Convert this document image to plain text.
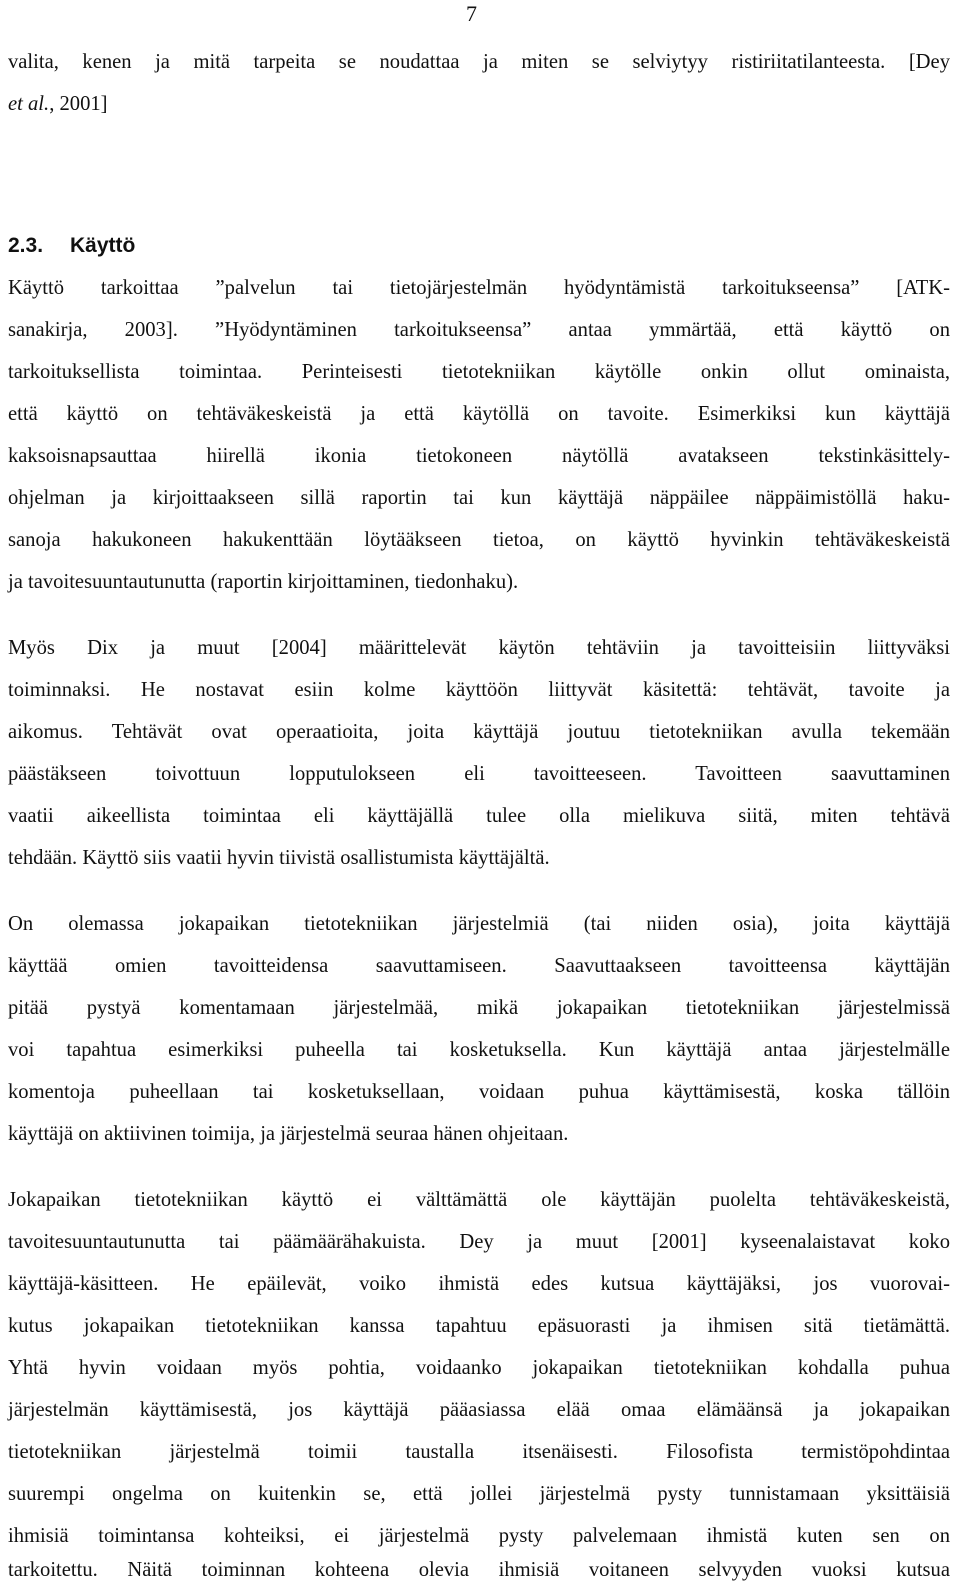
7
valita, kenen ja mitä tarpeita se noudattaa ja miten se selviytyy ristiriitatilanteesta. [Dey
et al., 2001]
2.3. Käyttö
Käyttö tarkoittaa ”palvelun tai tietojärjestelmän hyödyntämistä tarkoitukseensa” [ATK-
sanakirja, 2003]. ”Hyödyntäminen tarkoitukseensa” antaa ymmärtää, että käyttö on
tarkoituksellista toimintaa. Perinteisesti tietotekniikan käytölle onkin ollut ominaista,
että käyttö on tehtäväkeskeistä ja että käytöllä on tavoite. Esimerkiksi kun käyttäjä
kaksoisnapsauttaa hiirellä ikonia tietokoneen näytöllä avatakseen tekstinkäsittely-
ohjelman ja kirjoittaakseen sillä raportin tai kun käyttäjä näppäilee näppäimistöllä haku-
sanoja hakukoneen hakukenttään löytääkseen tietoa, on käyttö hyvinkin tehtäväkeskeistä
ja tavoitesuuntautunutta (raportin kirjoittaminen, tiedonhaku).
Myös Dix ja muut [2004] määrittelevät käytön tehtäviin ja tavoitteisiin liittyväksi
toiminnaksi. He nostavat esiin kolme käyttöön liittyvät käsitettä: tehtävät, tavoite ja
aikomus. Tehtävät ovat operaatioita, joita käyttäjä joutuu tietotekniikan avulla tekemään
päästäkseen toivottuun lopputulokseen eli tavoitteeseen. Tavoitteen saavuttaminen
vaatii aikeellista toimintaa eli käyttäjällä tulee olla mielikuva siitä, miten tehtävä
tehdään. Käyttö siis vaatii hyvin tiivistä osallistumista käyttäjältä.
On olemassa jokapaikan tietotekniikan järjestelmiä (tai niiden osia), joita käyttäjä
käyttää omien tavoitteidensa saavuttamiseen. Saavuttaakseen tavoitteensa käyttäjän
pitää pystyä komentamaan järjestelmää, mikä jokapaikan tietotekniikan järjestelmissä
voi tapahtua esimerkiksi puheella tai kosketuksella. Kun käyttäjä antaa järjestelmälle
komentoja puheellaan tai kosketuksellaan, voidaan puhua käyttämisestä, koska tällöin
käyttäjä on aktiivinen toimija, ja järjestelmä seuraa hänen ohjeitaan.
Jokapaikan tietotekniikan käyttö ei välttämättä ole käyttäjän puolelta tehtäväkeskeistä,
tavoitesuuntautunutta tai päämäärähakuista. Dey ja muut [2001] kyseenalaistavat koko
käyttäjä-käsitteen. He epäilevät, voiko ihmistä edes kutsua käyttäjäksi, jos vuorovai-
kutus jokapaikan tietotekniikan kanssa tapahtuu epäsuorasti ja ihmisen sitä tietämättä.
Yhtä hyvin voidaan myös pohtia, voidaanko jokapaikan tietotekniikan kohdalla puhua
järjestelmän käyttämisestä, jos käyttäjä pääasiassa elää omaa elämäänsä ja jokapaikan
tietotekniikan järjestelmä toimii taustalla itsenäisesti. Filosofista termistöpohdintaa
suurempi ongelma on kuitenkin se, että jollei järjestelmä pysty tunnistamaan yksittäisiä
ihmisiä toimintansa kohteiksi, ei järjestelmä pysty palvelemaan ihmistä kuten sen on
tarkoitettu. Näitä toiminnan kohteena olevia ihmisiä voitaneen selvyyden vuoksi kutsua
